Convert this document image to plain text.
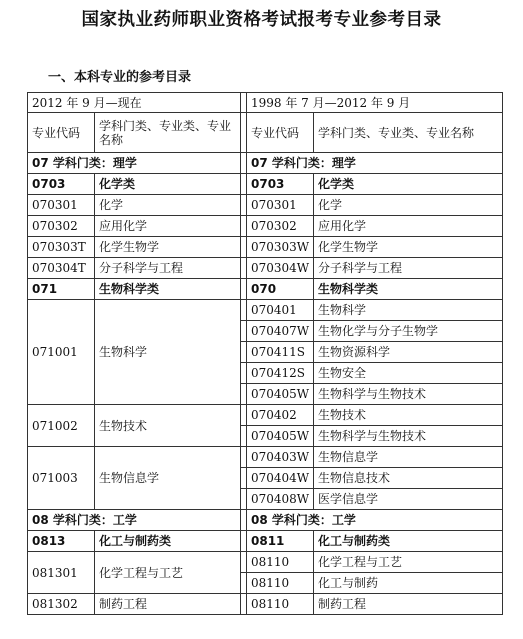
国家执业药师职业资格考试报考专业参考目录
一、本科专业的参考目录
2012 年 9 月—现在			1998 年 7 月—2012 年 9 月	
专业代码	学科门类、专业类、专业名称		专业代码	学科门类、专业类、专业名称
07 学科门类：理学			07 学科门类：理学	
0703	化学类		0703	化学类
070301	化学		070301	化学
070302	应用化学		070302	应用化学
070303T	化学生物学		070303W	化学生物学
070304T	分子科学与工程		070304W	分子科学与工程
071	生物科学类		070	生物科学类
071001	生物科学		070401	生物科学
			070407W	生物化学与分子生物学
			070411S	生物资源科学
			070412S	生物安全
			070405W	生物科学与生物技术
071002	生物技术		070402	生物技术
			070405W	生物科学与生物技术
071003	生物信息学		070403W	生物信息学
			070404W	生物信息技术
			070408W	医学信息学
08 学科门类：工学			08 学科门类：工学	
0813	化工与制药类		0811	化工与制药类
081301	化学工程与工艺		08110	化学工程与工艺
			08110	化工与制药
081302	制药工程		08110	制药工程
